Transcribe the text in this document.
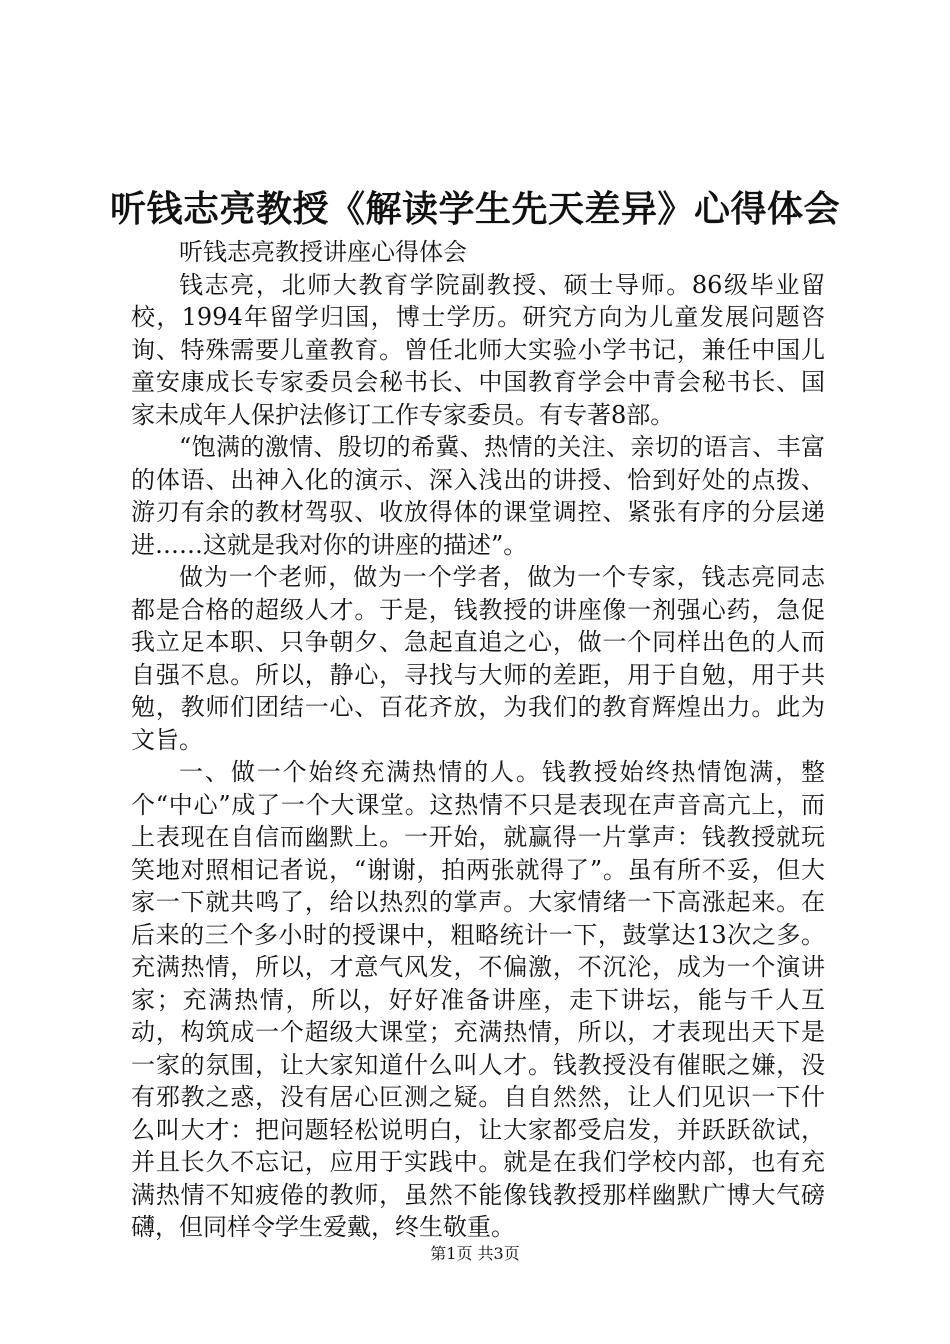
听钱志亮教授《解读学生先天差异》心得体会

听钱志亮教授讲座心得体会

钱志亮，北师大教育学院副教授、硕士导师。86级毕业留校，1994年留学归国，博士学历。研究方向为儿童发展问题咨询、特殊需要儿童教育。曾任北师大实验小学书记，兼任中国儿童安康成长专家委员会秘书长、中国教育学会中青会秘书长、国家未成年人保护法修订工作专家委员。有专著8部。

“饱满的激情、殷切的希冀、热情的关注、亲切的语言、丰富的体语、出神入化的演示、深入浅出的讲授、恰到好处的点拨、游刃有余的教材驾驭、收放得体的课堂调控、紧张有序的分层递进……这就是我对你的讲座的描述”。

做为一个老师，做为一个学者，做为一个专家，钱志亮同志都是合格的超级人才。于是，钱教授的讲座像一剂强心药，急促我立足本职、只争朝夕、急起直追之心，做一个同样出色的人而自强不息。所以，静心，寻找与大师的差距，用于自勉，用于共勉，教师们团结一心、百花齐放，为我们的教育辉煌出力。此为文旨。

一、做一个始终充满热情的人。钱教授始终热情饱满，整个“中心”成了一个大课堂。这热情不只是表现在声音高亢上，而上表现在自信而幽默上。一开始，就赢得一片掌声：钱教授就玩笑地对照相记者说，“谢谢，拍两张就得了”。虽有所不妥，但大家一下就共鸣了，给以热烈的掌声。大家情绪一下高涨起来。在后来的三个多小时的授课中，粗略统计一下，鼓掌达13次之多。充满热情，所以，才意气风发，不偏激，不沉沦，成为一个演讲家；充满热情，所以，好好准备讲座，走下讲坛，能与千人互动，构筑成一个超级大课堂；充满热情，所以，才表现出天下是一家的氛围，让大家知道什么叫人才。钱教授没有催眠之嫌，没有邪教之惑，没有居心叵测之疑。自自然然，让人们见识一下什么叫大才：把问题轻松说明白，让大家都受启发，并跃跃欲试，并且长久不忘记，应用于实践中。就是在我们学校内部，也有充满热情不知疲倦的教师，虽然不能像钱教授那样幽默广博大气磅礴，但同样令学生爱戴，终生敬重。

第1页 共3页
